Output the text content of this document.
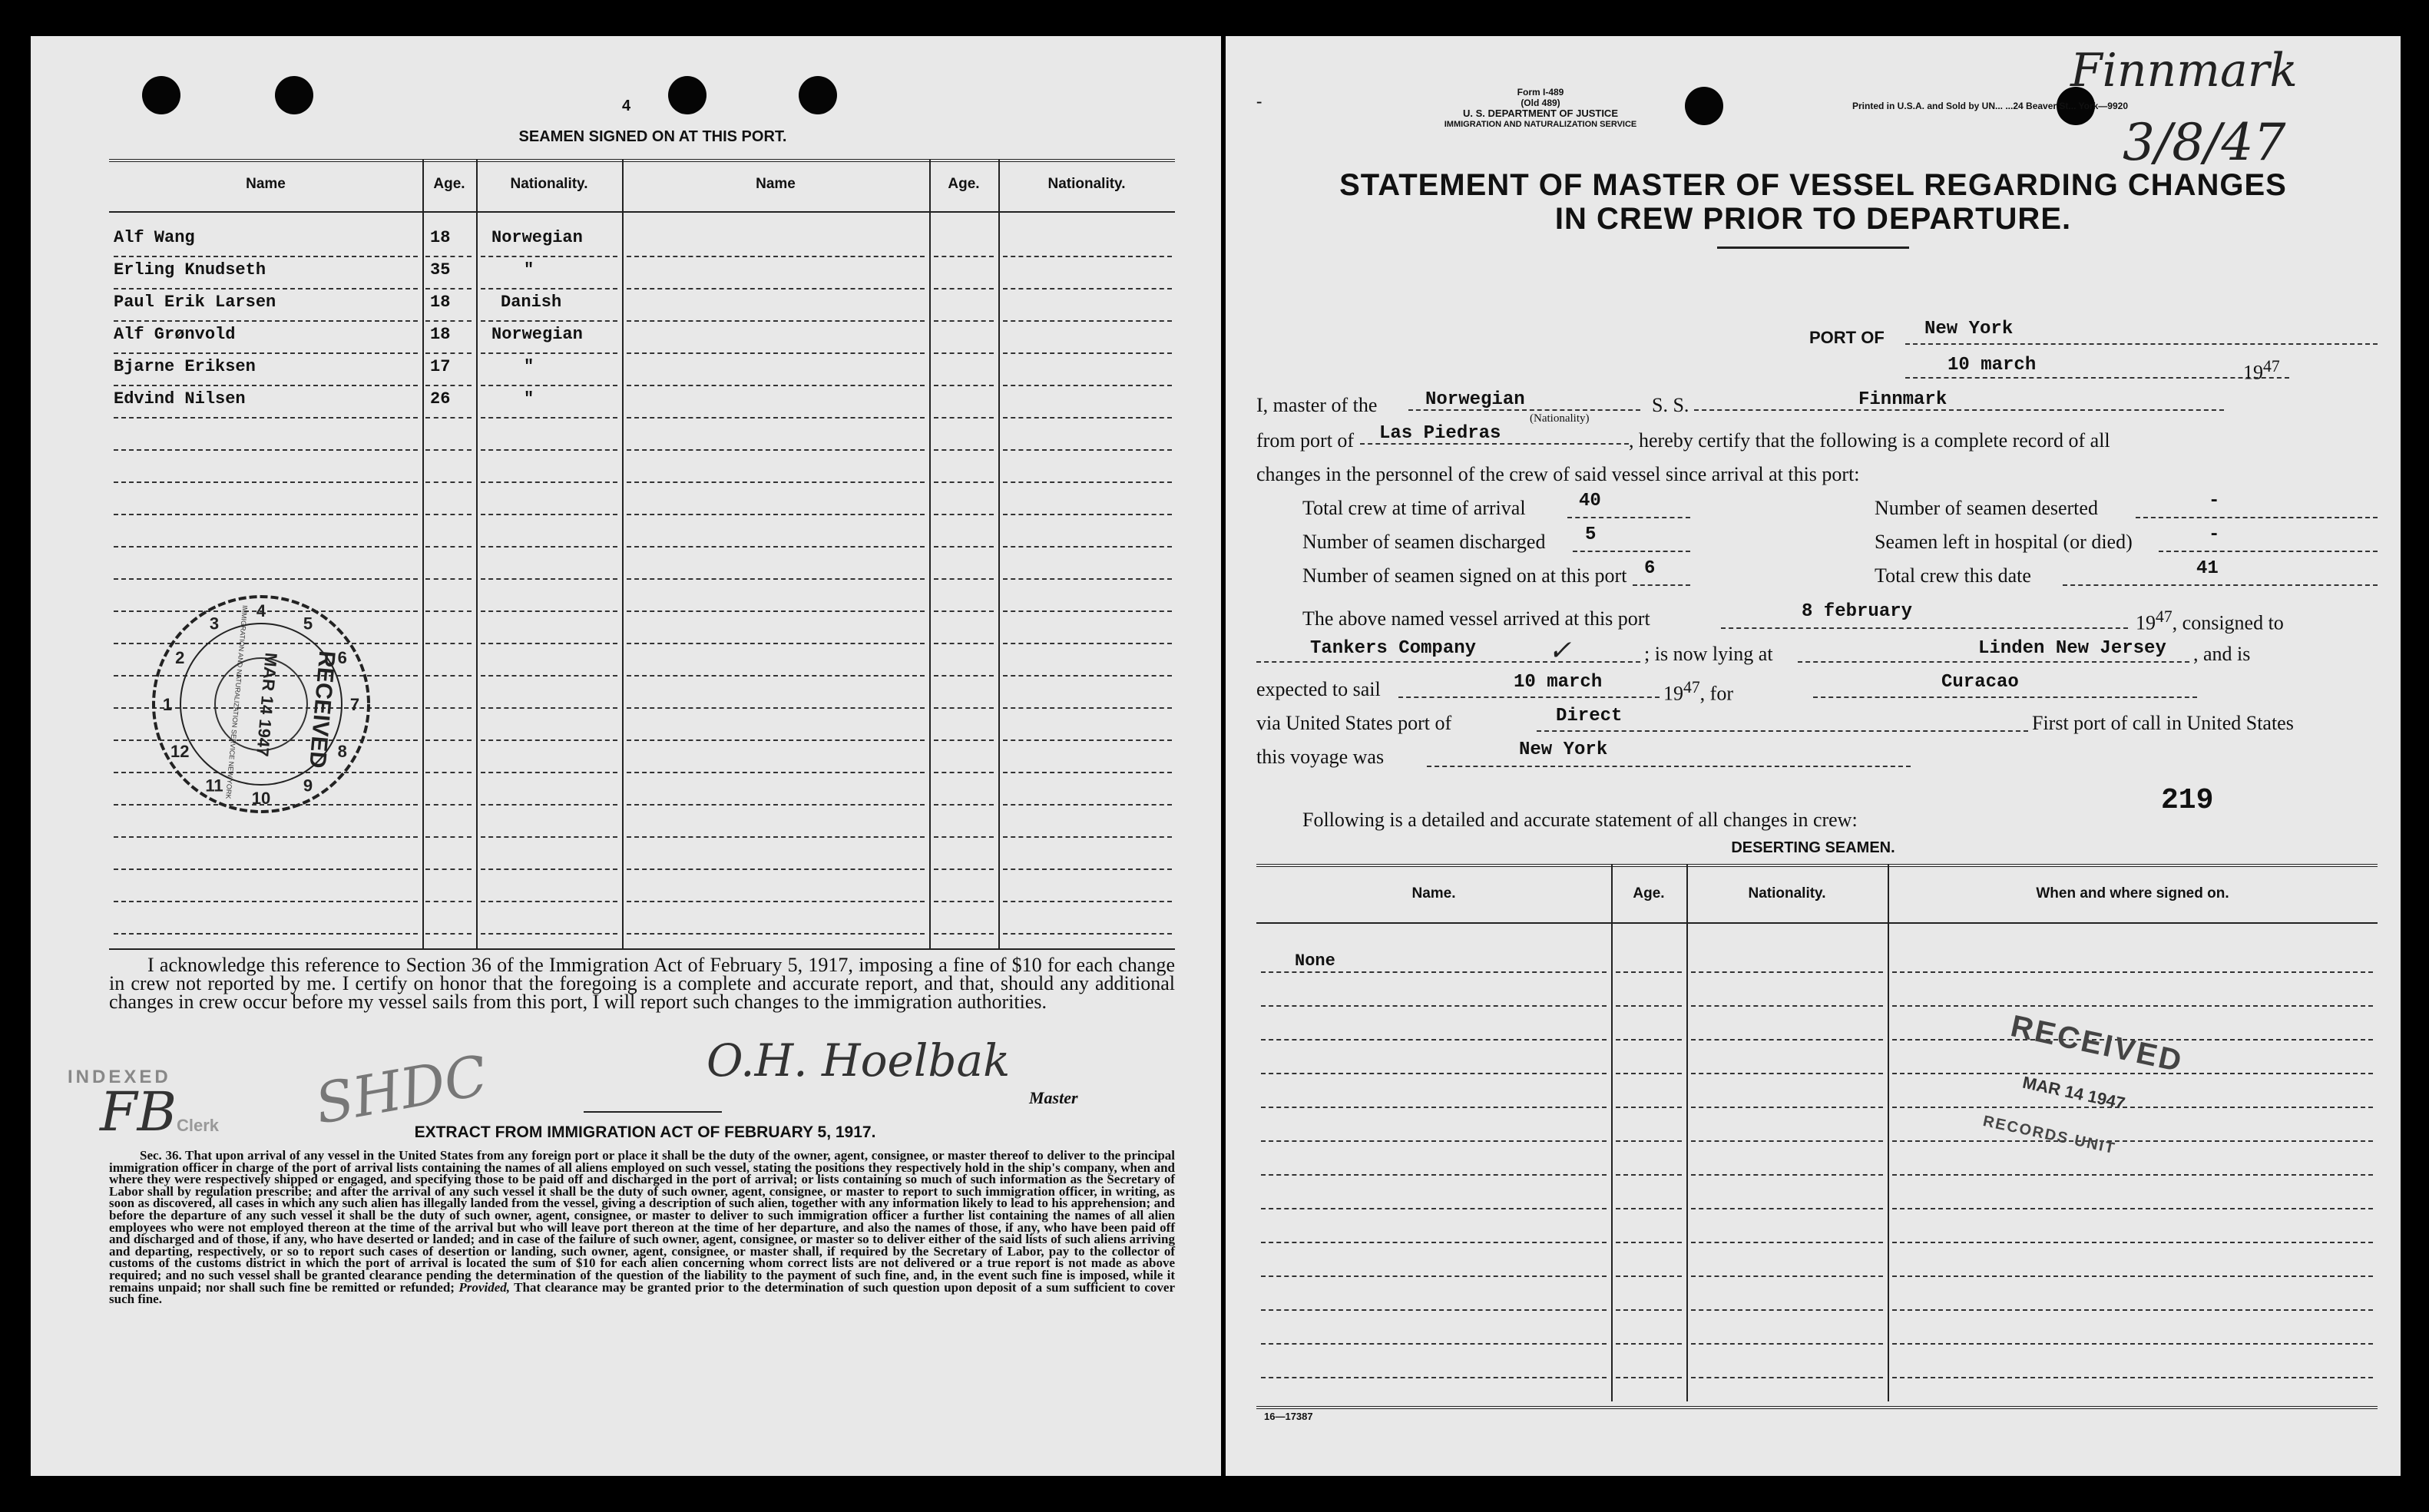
4
SEAMEN SIGNED ON AT THIS PORT.
Name	Age.	Nationality.	Name	Age.	Nationality.
Alf Wang	18 Norwegian
Erling Knudseth	35	"
Paul Erik Larsen	18	Danish
Alf Grønvold	18 Norwegian
Bjarne Eriksen	17	"
Edvind Nilsen	26	"
1
2
3
4
5
6
7
8
9
10
11
12	RECEIVED
MAR 14 1947
IMMIGRATION AND NATURALIZATION SERVICE NEW YORK
I acknowledge this reference to Section 36 of the Immigration Act of February 5, 1917, imposing a fine of $10 for each change in crew not reported by me. I certify on honor that the foregoing is a complete and accurate report, and that, should any additional changes in crew occur before my vessel sails from this port, I will report such changes to the immigration authorities.
INDEXED
Clerk
FB SHDC	O.H. Hoelbak
Master
EXTRACT FROM IMMIGRATION ACT OF FEBRUARY 5, 1917.
Sec. 36. That upon arrival of any vessel in the United States from any foreign port or place it shall be the duty of the owner, agent, consignee, or master thereof to deliver to the principal immigration officer in charge of the port of arrival lists containing the names of all aliens employed on such vessel, stating the positions they respectively hold in the ship's company, when and where they were respectively shipped or engaged, and specifying those to be paid off and discharged in the port of arrival; or lists containing so much of such information as the Secretary of Labor shall by regulation prescribe; and after the arrival of any such vessel it shall be the duty of such owner, agent, consignee, or master to report to such immigration officer, in writing, as soon as discovered, all cases in which any such alien has illegally landed from the vessel, giving a description of such alien, together with any information likely to lead to his apprehension; and before the departure of any such vessel it shall be the duty of such owner, agent, consignee, or master to deliver to such immigration officer a further list containing the names of all alien employees who were not employed thereon at the time of the arrival but who will leave port thereon at the time of her departure, and also the names of those, if any, who have been paid off and discharged and of those, if any, who have deserted or landed; and in case of the failure of such owner, agent, consignee, or master so to deliver either of the said lists of such aliens arriving and departing, respectively, or so to report such cases of desertion or landing, such owner, agent, consignee, or master shall, if required by the Secretary of Labor, pay to the collector of customs of the customs district in which the port of arrival is located the sum of $10 for each alien concerning whom correct lists are not delivered or a true report is not made as above required; and no such vessel shall be granted clearance pending the determination of the question of the liability to the payment of such fine, and, in the event such fine is imposed, while it remains unpaid; nor shall such fine be remitted or refunded; Provided, That clearance may be granted prior to the determination of such question upon deposit of a sum sufficient to cover such fine.
-	Form I-489
(Old 489)
U. S. DEPARTMENT OF JUSTICE
IMMIGRATION AND NATURALIZATION SERVICE
Printed in U.S.A. and Sold by UN... ...24 Beaver St... York—9920
Finnmark
3/8/47
STATEMENT OF MASTER OF VESSEL REGARDING CHANGES
IN CREW PRIOR TO DEPARTURE.
PORT OF New York
10 march	$19^{47}$
I, master of the	Norwegian
(Nationality)
S. S.	Finnmark
from port of Las Piedras	, hereby certify that the following is a complete record of all
changes in the personnel of the crew of said vessel since arrival at this port:
Total crew at time of arrival	40
Number of seamen discharged 5
Number of seamen signed on at this port 6
Number of seamen deserted	-
Seamen left in hospital (or died)	-
Total crew this date	41
The above named vessel arrived at this port	8 february
$19^{47}$, consigned to
Tankers Company	✓	; is now lying at	Linden New Jersey , and is
expected to sail	10 march
$19^{47}$, for
Curacao
via United States port of	Direct	First port of call in United States
this voyage was	New York
219
Following is a detailed and accurate statement of all changes in crew:
DESERTING SEAMEN.
Name.	Age.	Nationality.	When and where signed on.
None
16—17387
RECEIVED
MAR 14 1947
RECORDS UNIT
